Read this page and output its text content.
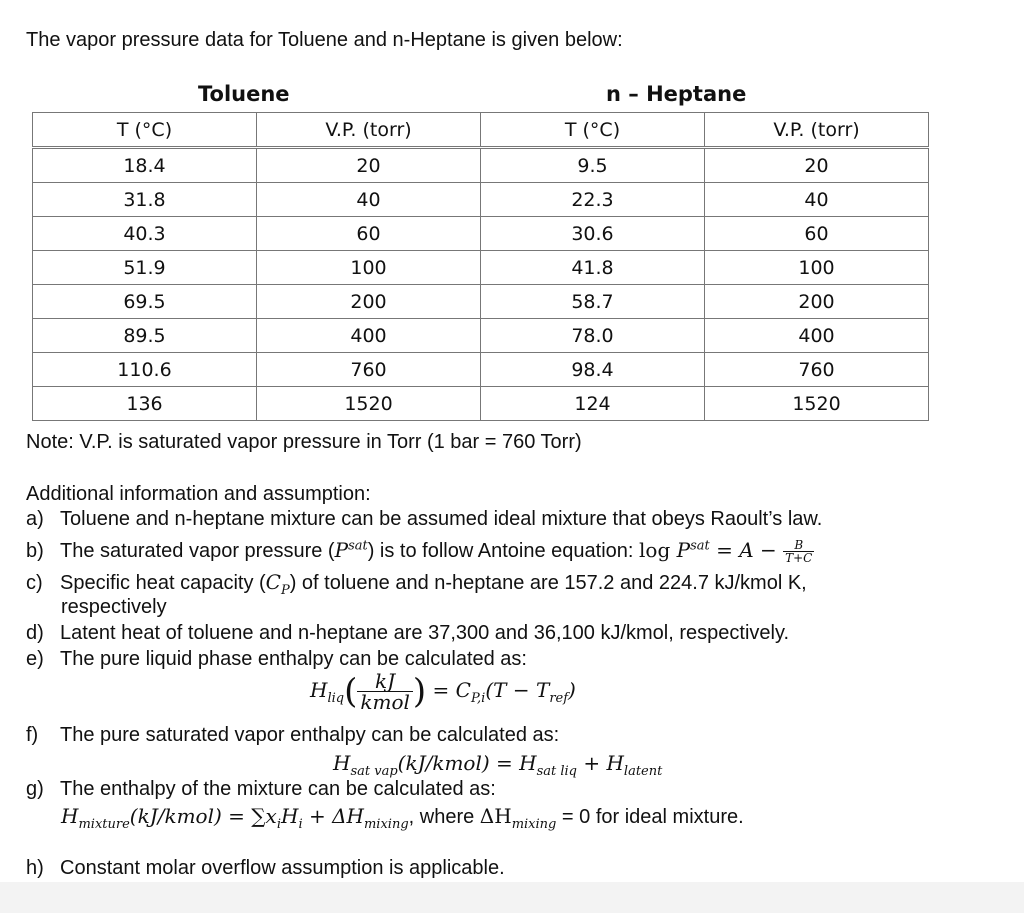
The vapor pressure data for Toluene and n-Heptane is given below:
Toluene	n – Heptane
T (°C)	V.P. (torr)	T (°C)	V.P. (torr)
18.4	20	9.5	20
31.8	40	22.3	40
40.3	60	30.6	60
51.9	100	41.8	100
69.5	200	58.7	200
89.5	400	78.0	400
110.6	760	98.4	760
136	1520	124	1520
Note: V.P. is saturated vapor pressure in Torr (1 bar = 760 Torr)
Additional information and assumption:
a) Toluene and n-heptane mixture can be assumed ideal mixture that obeys Raoult’s law.
b) The saturated vapor pressure $(P^{sat})$ is to follow Antoine equation: $\log P^{sat} = A - \frac{B}{T+C}$
c) Specific heat capacity $(C_P)$ of toluene and n-heptane are 157.2 and 224.7 kJ/kmol K,
respectively
d) Latent heat of toluene and n-heptane are 37,300 and 36,100 kJ/kmol, respectively.
e) The pure liquid phase enthalpy can be calculated as:
$H_{liq}( \frac{kJ}{\text{kmol}}$ ) = $C_{P,i}(T - T_{ref})$
f) The pure saturated vapor enthalpy can be calculated as:
$H_{sat vap}(kJ/kmol) = H_{sat liq} + H_{latent}$
g) The enthalpy of the mixture can be calculated as:
$H_{mixture}(kJ/kmol) = \sum x_iH_i + \Delta H_{mixing}$, where $\Delta H_{mixing} = 0$ for ideal mixture.
h) Constant molar overflow assumption is applicable.
